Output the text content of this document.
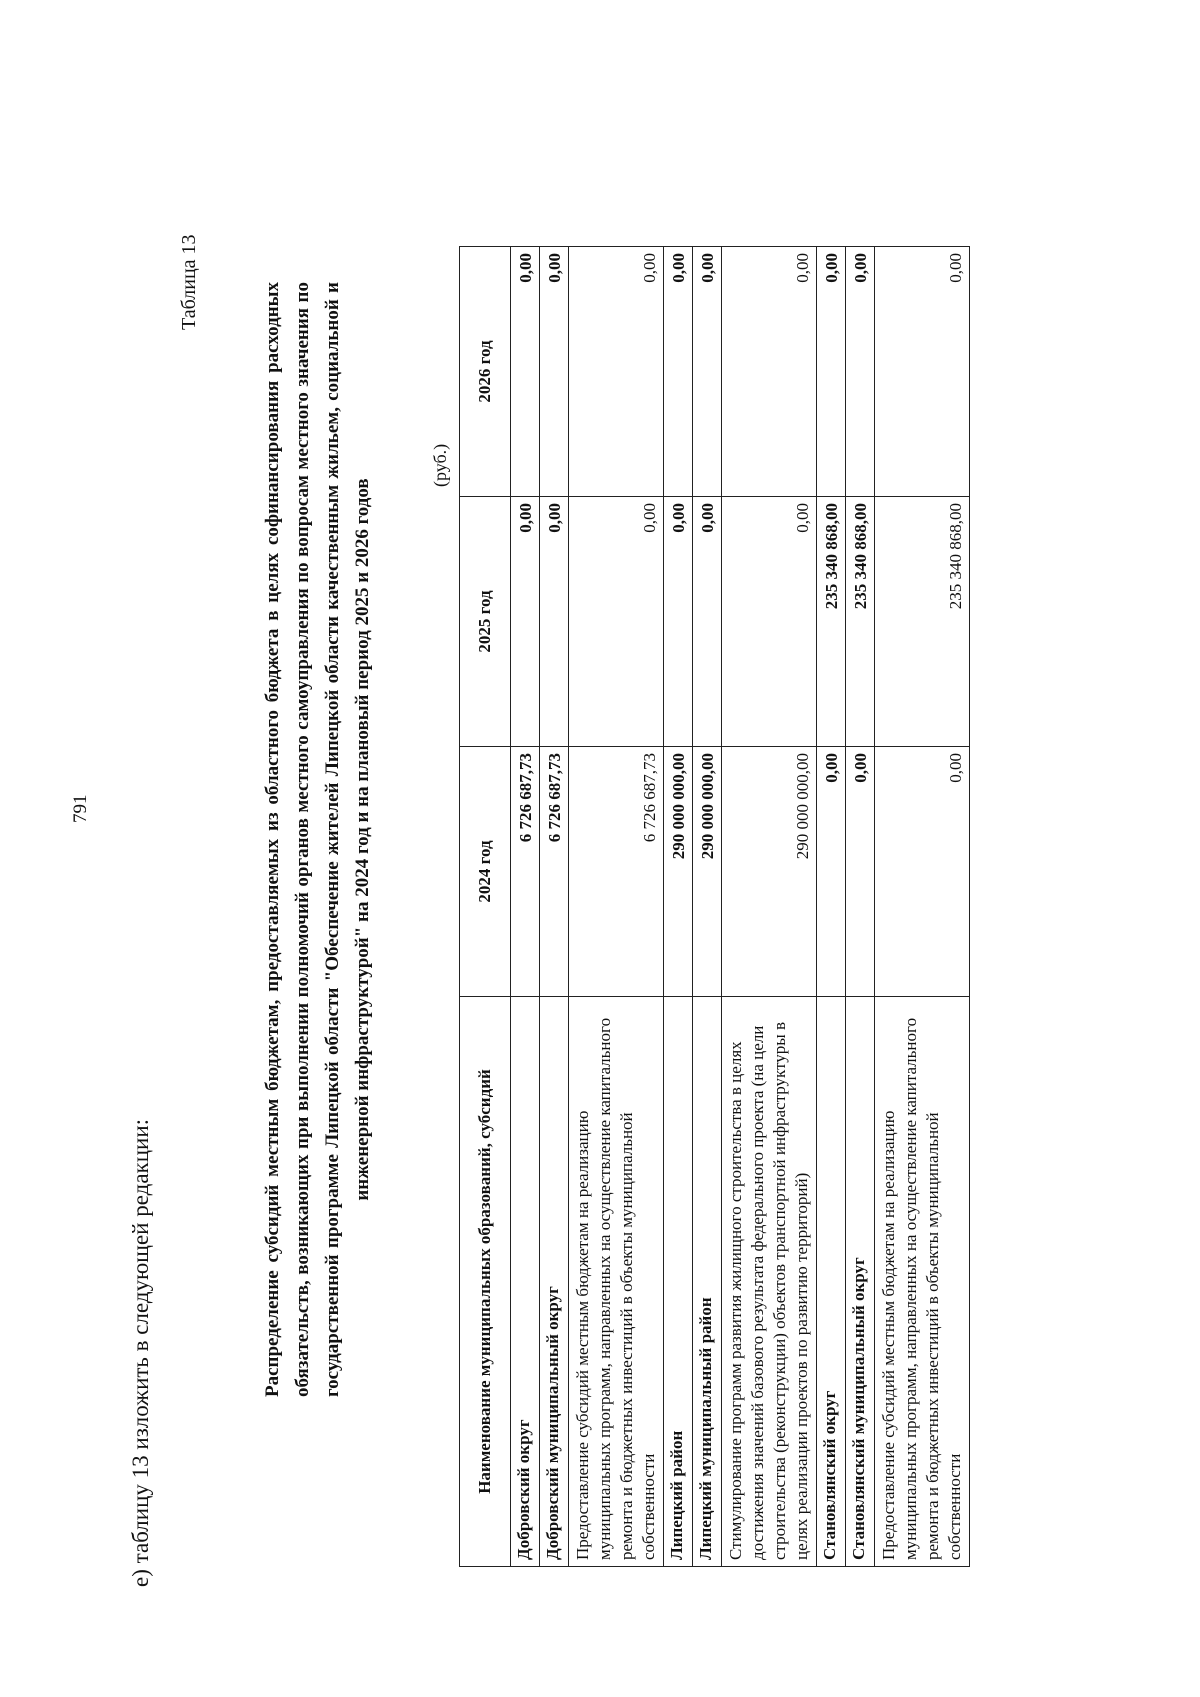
791
е) таблицу 13 изложить в следующей редакции:
Таблица 13	Распределение субсидий местным бюджетам, предоставляемых из областного бюджета в целях софинансирования расходных обязательств, возникающих при выполнении полномочий органов местного самоуправления по вопросам местного значения по государственной программе Липецкой области "Обеспечение жителей Липецкой области качественным жильем, социальной и инженерной инфраструктурой" на 2024 год и на плановый период 2025 и 2026 годов
(руб.)
Наименование муниципальных образований, субсидий	2024 год	2025 год	2026 год
Добровский округ	6 726 687,73	0,00	0,00
Добровский муниципальный округ	6 726 687,73	0,00	0,00
Предоставление субсидий местным бюджетам на реализацию муниципальных программ, направленных на осуществление капитального ремонта и бюджетных инвестиций в объекты муниципальной собственности	6 726 687,73	0,00	0,00
Липецкий район	290 000 000,00	0,00	0,00
Липецкий муниципальный район	290 000 000,00	0,00	0,00
Стимулирование программ развития жилищного строительства в целях достижения значений базового результата федерального проекта (на цели строительства (реконструкции) объектов транспортной инфраструктуры в целях реализации проектов по развитию территорий)	290 000 000,00	0,00	0,00
Становлянский округ	0,00	235 340 868,00	0,00
Становлянский муниципальный округ	0,00	235 340 868,00	0,00
Предоставление субсидий местным бюджетам на реализацию муниципальных программ, направленных на осуществление капитального ремонта и бюджетных инвестиций в объекты муниципальной собственности	0,00	235 340 868,00	0,00
